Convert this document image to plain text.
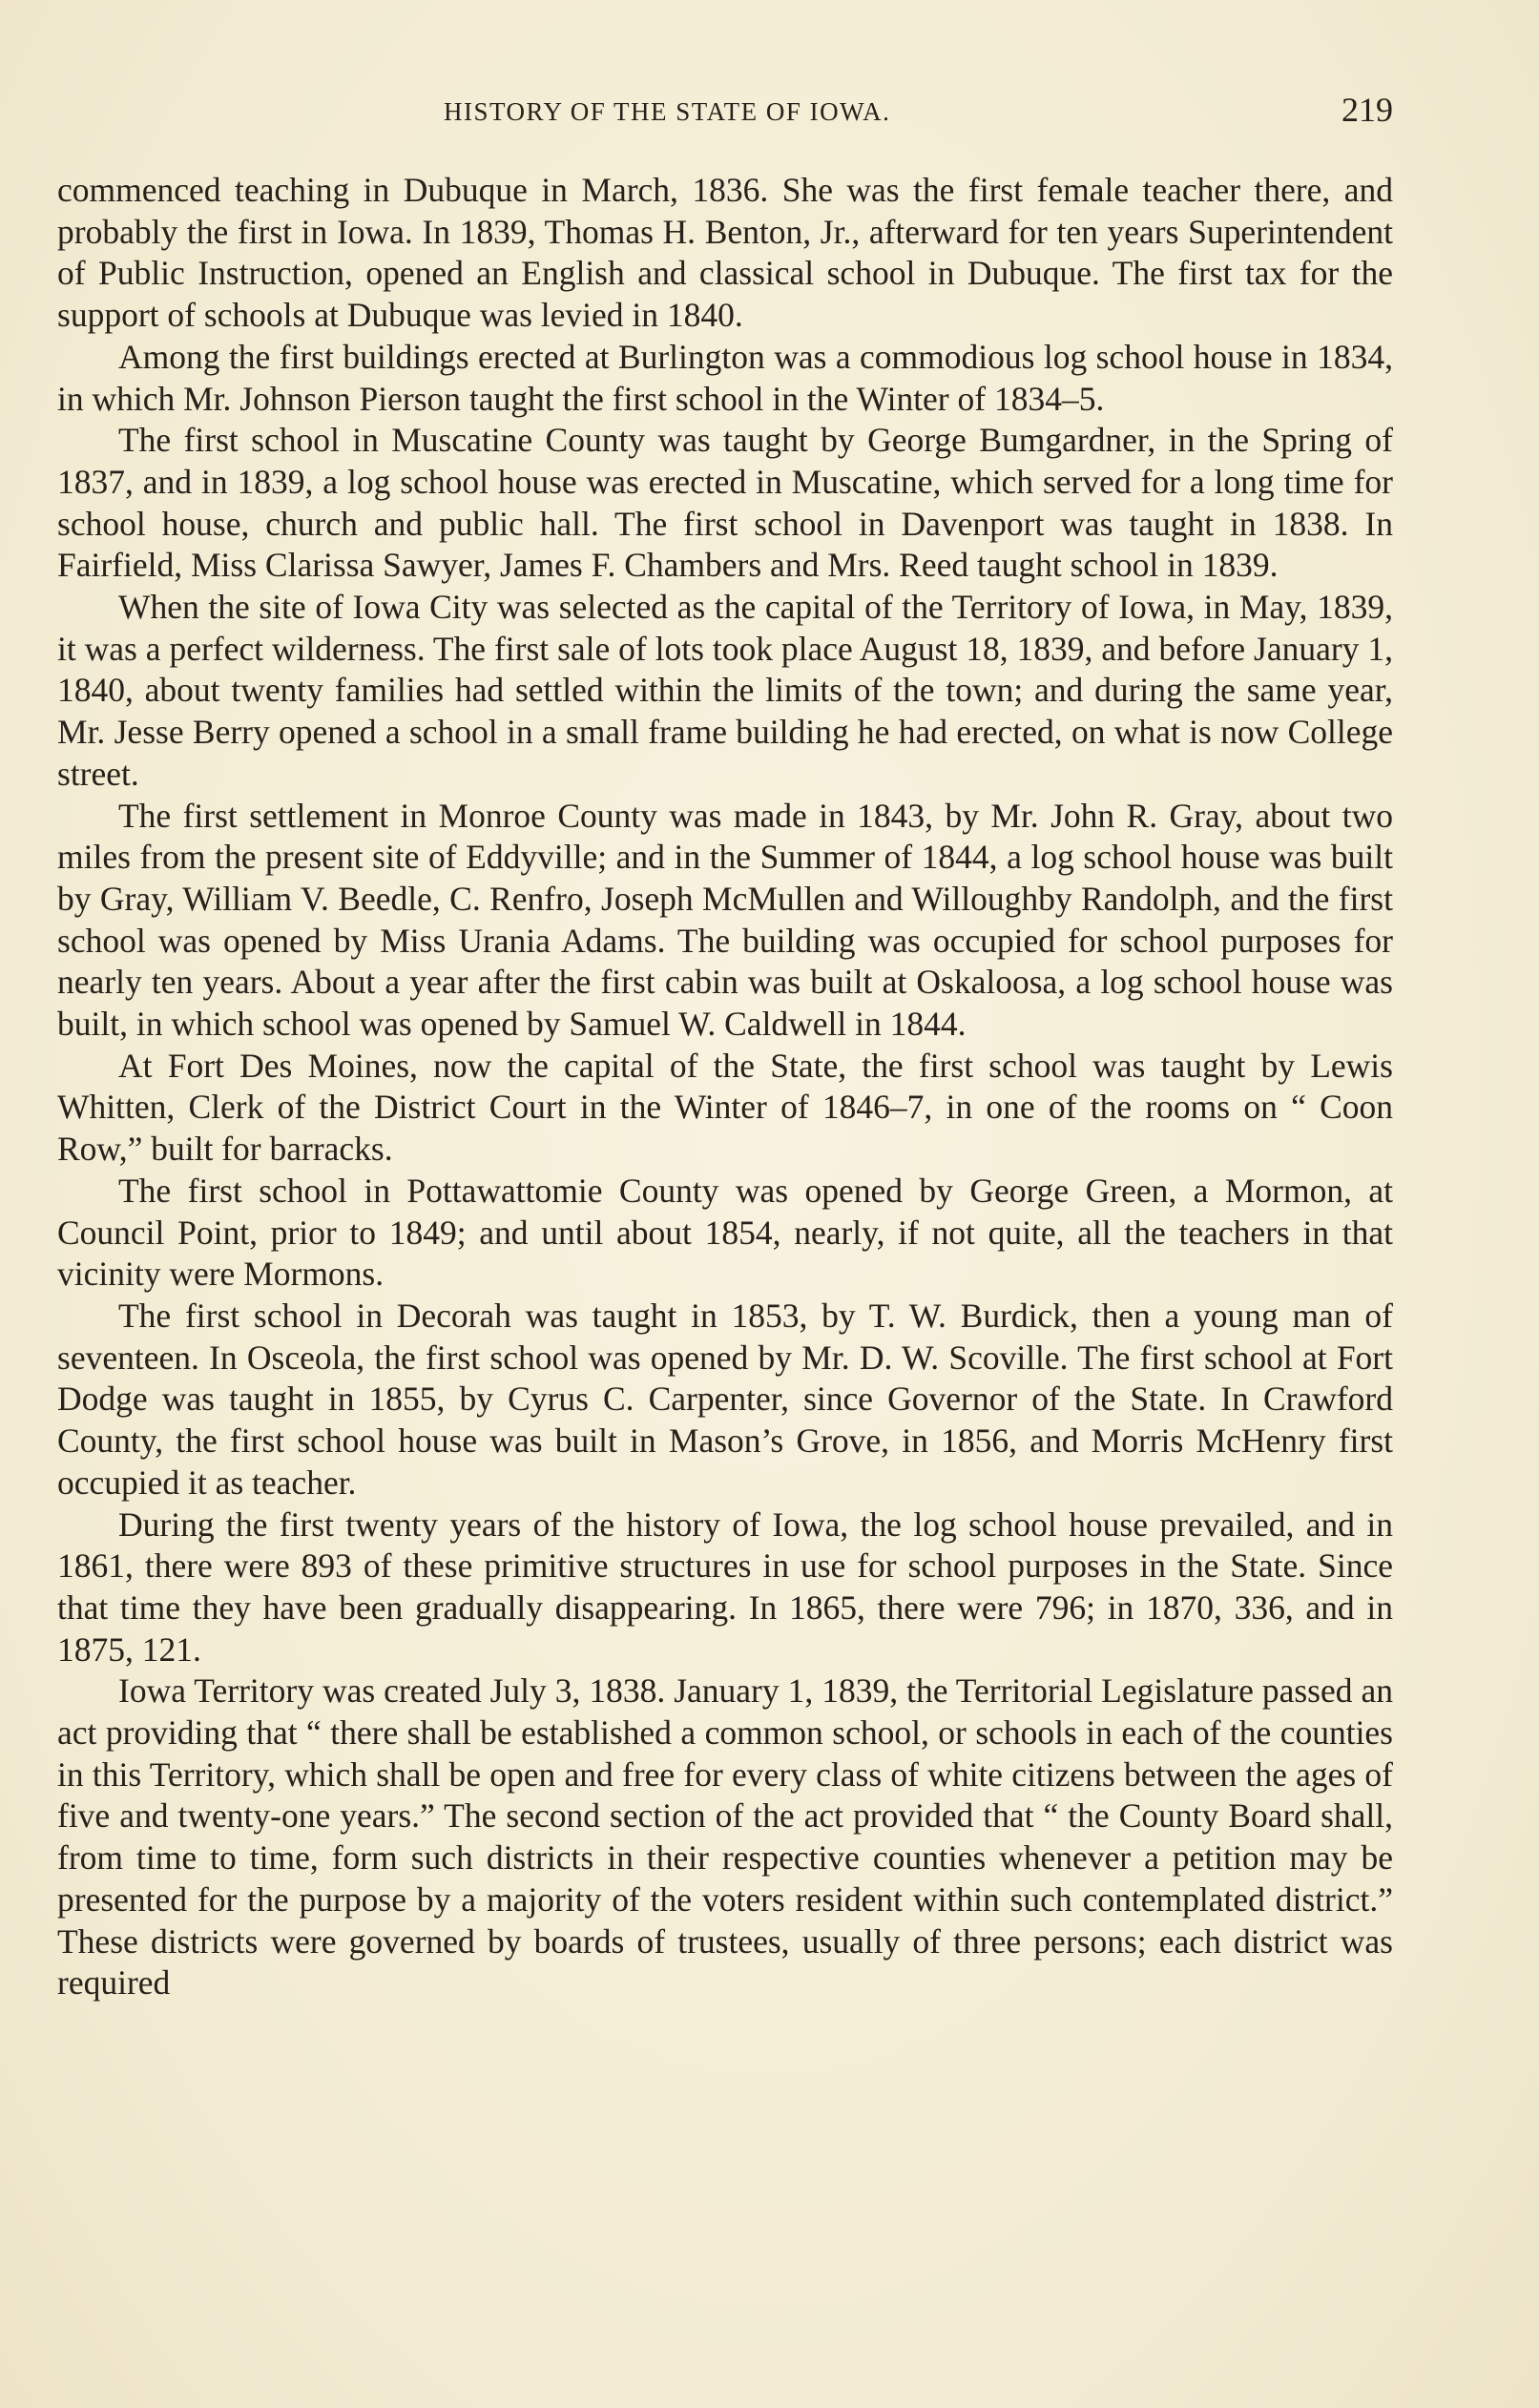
HISTORY OF THE STATE OF IOWA.	219

commenced teaching in Dubuque in March, 1836. She was the first female teacher there, and probably the first in Iowa. In 1839, Thomas H. Benton, Jr., afterward for ten years Superintendent of Public Instruction, opened an English and classical school in Dubuque. The first tax for the support of schools at Dubuque was levied in 1840.

Among the first buildings erected at Burlington was a commodious log school house in 1834, in which Mr. Johnson Pierson taught the first school in the Winter of 1834–5.

The first school in Muscatine County was taught by George Bumgardner, in the Spring of 1837, and in 1839, a log school house was erected in Muscatine, which served for a long time for school house, church and public hall. The first school in Davenport was taught in 1838. In Fairfield, Miss Clarissa Sawyer, James F. Chambers and Mrs. Reed taught school in 1839.

When the site of Iowa City was selected as the capital of the Territory of Iowa, in May, 1839, it was a perfect wilderness. The first sale of lots took place August 18, 1839, and before January 1, 1840, about twenty families had settled within the limits of the town; and during the same year, Mr. Jesse Berry opened a school in a small frame building he had erected, on what is now College street.

The first settlement in Monroe County was made in 1843, by Mr. John R. Gray, about two miles from the present site of Eddyville; and in the Summer of 1844, a log school house was built by Gray, William V. Beedle, C. Renfro, Joseph McMullen and Willoughby Randolph, and the first school was opened by Miss Urania Adams. The building was occupied for school purposes for nearly ten years. About a year after the first cabin was built at Oskaloosa, a log school house was built, in which school was opened by Samuel W. Caldwell in 1844.

At Fort Des Moines, now the capital of the State, the first school was taught by Lewis Whitten, Clerk of the District Court in the Winter of 1846–7, in one of the rooms on “ Coon Row,” built for barracks.

The first school in Pottawattomie County was opened by George Green, a Mormon, at Council Point, prior to 1849; and until about 1854, nearly, if not quite, all the teachers in that vicinity were Mormons.

The first school in Decorah was taught in 1853, by T. W. Burdick, then a young man of seventeen. In Osceola, the first school was opened by Mr. D. W. Scoville. The first school at Fort Dodge was taught in 1855, by Cyrus C. Carpenter, since Governor of the State. In Crawford County, the first school house was built in Mason’s Grove, in 1856, and Morris McHenry first occupied it as teacher.

During the first twenty years of the history of Iowa, the log school house prevailed, and in 1861, there were 893 of these primitive structures in use for school purposes in the State. Since that time they have been gradually disappearing. In 1865, there were 796; in 1870, 336, and in 1875, 121.

Iowa Territory was created July 3, 1838. January 1, 1839, the Territorial Legislature passed an act providing that “ there shall be established a common school, or schools in each of the counties in this Territory, which shall be open and free for every class of white citizens between the ages of five and twenty-one years.” The second section of the act provided that “ the County Board shall, from time to time, form such districts in their respective counties whenever a petition may be presented for the purpose by a majority of the voters resident within such contemplated district.” These districts were governed by boards of trustees, usually of three persons; each district was required
